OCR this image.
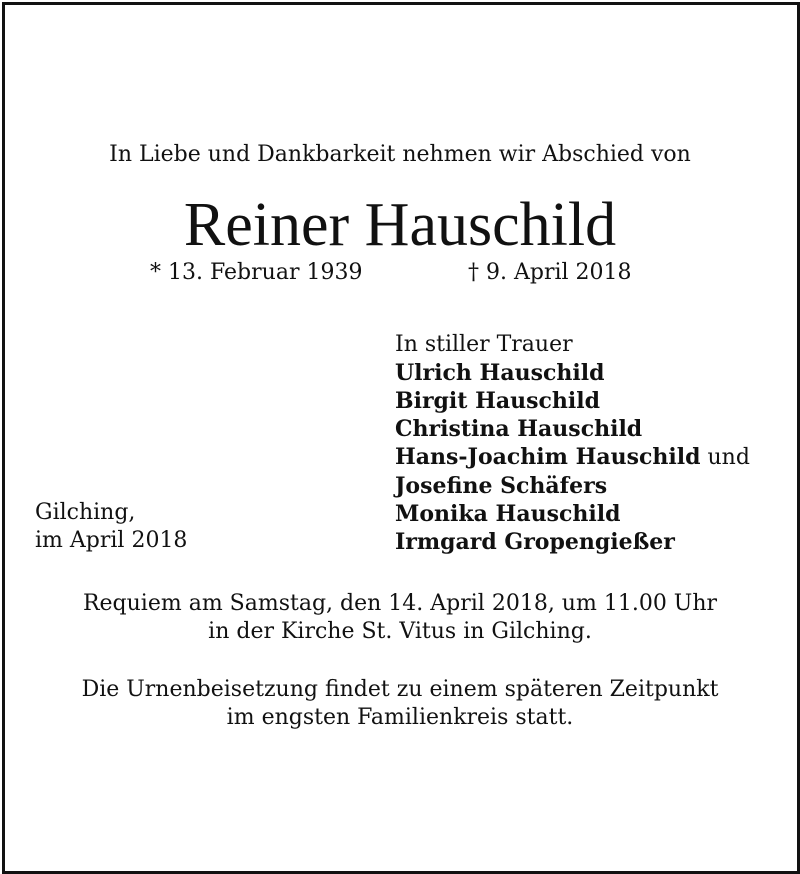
In Liebe und Dankbarkeit nehmen wir Abschied von
Reiner Hauschild
* 13. Februar 1939	† 9. April 2018
In stiller Trauer
Ulrich Hauschild
Birgit Hauschild
Christina Hauschild
Hans-Joachim Hauschild und
Josefine Schäfers
Monika Hauschild
Irmgard Gropengießer
Gilching,
im April 2018
Requiem am Samstag, den 14. April 2018, um 11.00 Uhr
in der Kirche St. Vitus in Gilching.
Die Urnenbeisetzung findet zu einem späteren Zeitpunkt
im engsten Familienkreis statt.
